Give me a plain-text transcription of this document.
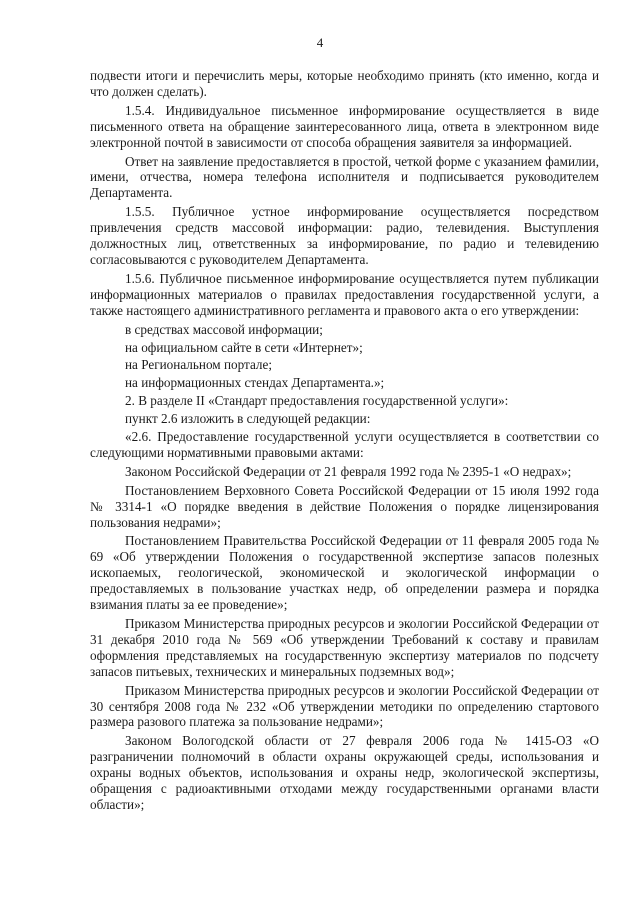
4

подвести итоги и перечислить меры, которые необходимо принять (кто именно, когда и что должен сделать).

1.5.4. Индивидуальное письменное информирование осуществляется в виде письменного ответа на обращение заинтересованного лица, ответа в электронном виде электронной почтой в зависимости от способа обращения заявителя за информацией.

Ответ на заявление предоставляется в простой, четкой форме с указанием фамилии, имени, отчества, номера телефона исполнителя и подписывается руководителем Департамента.

1.5.5. Публичное устное информирование осуществляется посредством привлечения средств массовой информации: радио, телевидения. Выступления должностных лиц, ответственных за информирование, по радио и телевидению согласовываются с руководителем Департамента.

1.5.6. Публичное письменное информирование осуществляется путем публикации информационных материалов о правилах предоставления государственной услуги, а также настоящего административного регламента и правового акта о его утверждении:

в средствах массовой информации;

на официальном сайте в сети «Интернет»;

на Региональном портале;

на информационных стендах Департамента.»;

2. В разделе II «Стандарт предоставления государственной услуги»:

пункт 2.6 изложить в следующей редакции:

«2.6. Предоставление государственной услуги осуществляется в соответствии со следующими нормативными правовыми актами:

Законом Российской Федерации от 21 февраля 1992 года № 2395-1 «О недрах»;

Постановлением Верховного Совета Российской Федерации от 15 июля 1992 года № 3314-1 «О порядке введения в действие Положения о порядке лицензирования пользования недрами»;

Постановлением Правительства Российской Федерации от 11 февраля 2005 года № 69 «Об утверждении Положения о государственной экспертизе запасов полезных ископаемых, геологической, экономической и экологической информации о предоставляемых в пользование участках недр, об определении размера и порядка взимания платы за ее проведение»;

Приказом Министерства природных ресурсов и экологии Российской Федерации от 31 декабря 2010 года № 569 «Об утверждении Требований к составу и правилам оформления представляемых на государственную экспертизу материалов по подсчету запасов питьевых, технических и минеральных подземных вод»;

Приказом Министерства природных ресурсов и экологии Российской Федерации от 30 сентября 2008 года № 232 «Об утверждении методики по определению стартового размера разового платежа за пользование недрами»;

Законом Вологодской области от 27 февраля 2006 года № 1415-ОЗ «О разграничении полномочий в области охраны окружающей среды, использования и охраны водных объектов, использования и охраны недр, экологической экспертизы, обращения с радиоактивными отходами между государственными органами власти области»;
